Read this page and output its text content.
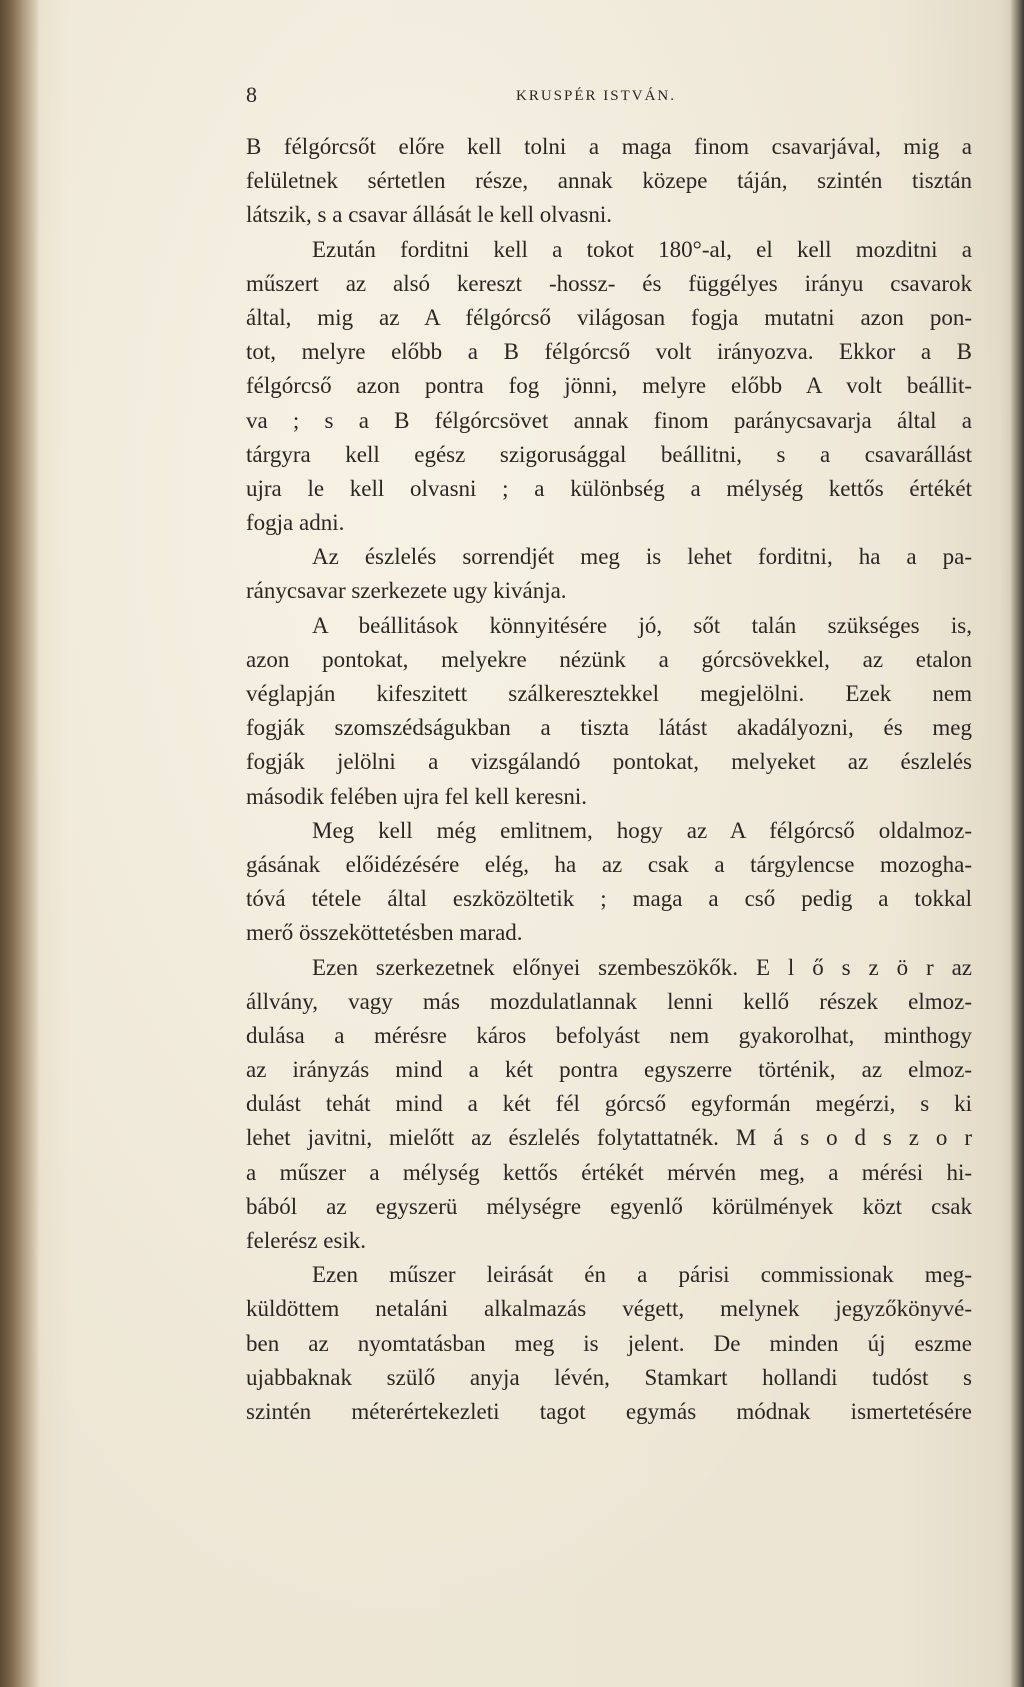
8	KRUSPÉR ISTVÁN.
B félgórcsőt előre kell tolni a maga finom csavarjával, mig a
felületnek sértetlen része, annak közepe táján, szintén tisztán
látszik, s a csavar állását le kell olvasni.
Ezután forditni kell a tokot 180°-al, el kell mozditni a
műszert az alsó kereszt -hossz- és függélyes irányu csavarok
által, mig az A félgórcső világosan fogja mutatni azon pon-
tot, melyre előbb a B félgórcső volt irányozva. Ekkor a B
félgórcső azon pontra fog jönni, melyre előbb A volt beállit-
va ; s a B félgórcsövet annak finom paránycsavarja által a
tárgyra kell egész szigorusággal beállitni, s a csavarállást
ujra le kell olvasni ; a különbség a mélység kettős értékét
fogja adni.
Az észlelés sorrendjét meg is lehet forditni, ha a pa-
ránycsavar szerkezete ugy kivánja.
A beállitások könnyitésére jó, sőt talán szükséges is,
azon pontokat, melyekre nézünk a górcsövekkel, az etalon
véglapján kifeszitett szálkeresztekkel megjelölni. Ezek nem
fogják szomszédságukban a tiszta látást akadályozni, és meg
fogják jelölni a vizsgálandó pontokat, melyeket az észlelés
második felében ujra fel kell keresni.
Meg kell még emlitnem, hogy az A félgórcső oldalmoz-
gásának előidézésére elég, ha az csak a tárgylencse mozogha-
tóvá tétele által eszközöltetik ; maga a cső pedig a tokkal
merő összeköttetésben marad.
Ezen szerkezetnek előnyei szembeszökők. E l ő s z ö r az
állvány, vagy más mozdulatlannak lenni kellő részek elmoz-
dulása a mérésre káros befolyást nem gyakorolhat, minthogy
az irányzás mind a két pontra egyszerre történik, az elmoz-
dulást tehát mind a két fél górcső egyformán megérzi, s ki
lehet javitni, mielőtt az észlelés folytattatnék. M á s o d s z o r
a műszer a mélység kettős értékét mérvén meg, a mérési hi-
bából az egyszerü mélységre egyenlő körülmények közt csak
felerész esik.
Ezen műszer leirását én a párisi commissionak meg-
küldöttem netaláni alkalmazás végett, melynek jegyzőkönyvé-
ben az nyomtatásban meg is jelent. De minden új eszme
ujabbaknak szülő anyja lévén, Stamkart hollandi tudóst s
szintén méterértekezleti tagot egymás módnak ismertetésére
